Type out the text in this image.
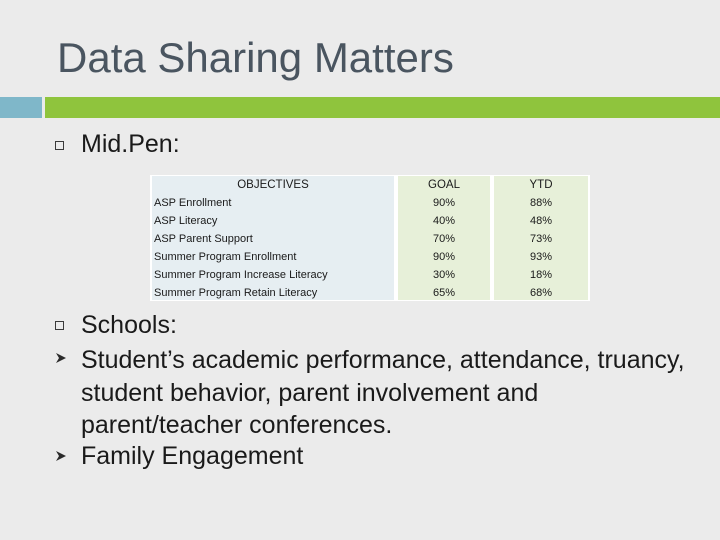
Data Sharing Matters
Mid.Pen:
OBJECTIVES	GOAL	YTD
ASP Enrollment	90%	88%
ASP Literacy	40%	48%
ASP Parent Support	70%	73%
Summer Program Enrollment	90%	93%
Summer Program Increase Literacy	30%	18%
Summer Program Retain Literacy	65%	68%
Schools:
Student’s academic performance, attendance, truancy, student behavior, parent involvement and parent/teacher conferences.
Family Engagement
